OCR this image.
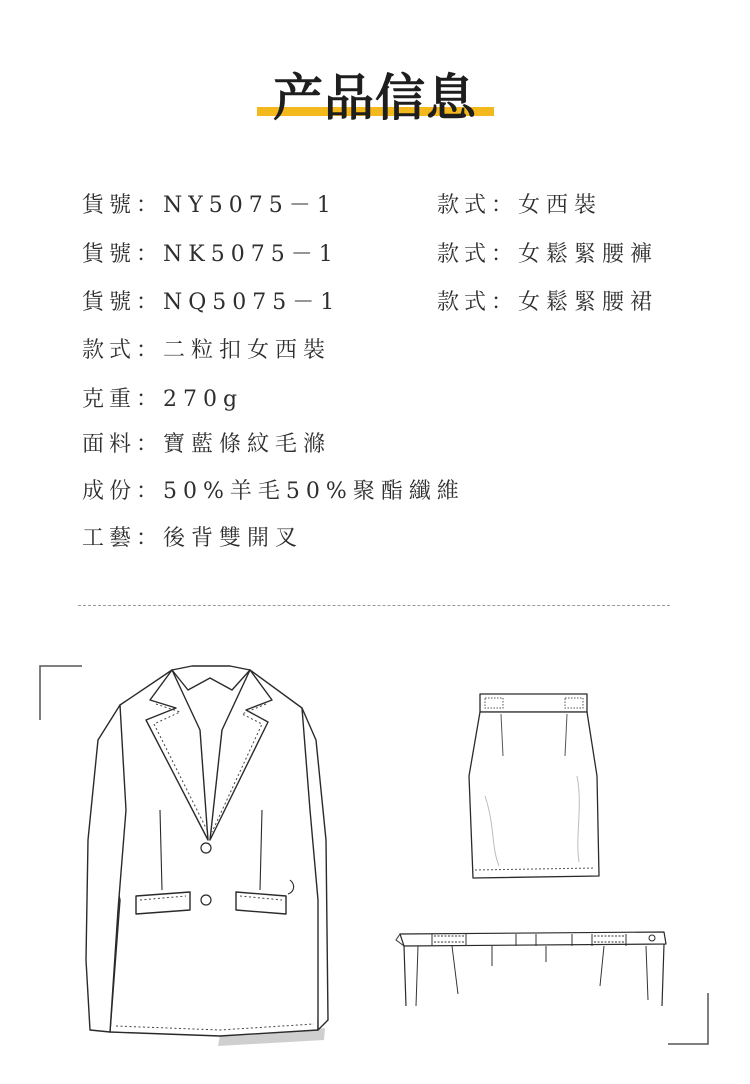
产品信息
貨號：NY5075－1	款式：女西裝
貨號：NK5075－1	款式：女鬆緊腰褲
貨號：NQ5075－1	款式：女鬆緊腰裙
款式：二粒扣女西裝
克重：270g
面料：寶藍條紋毛滌
成份：50%羊毛50%聚酯纖維
工藝：後背雙開叉
